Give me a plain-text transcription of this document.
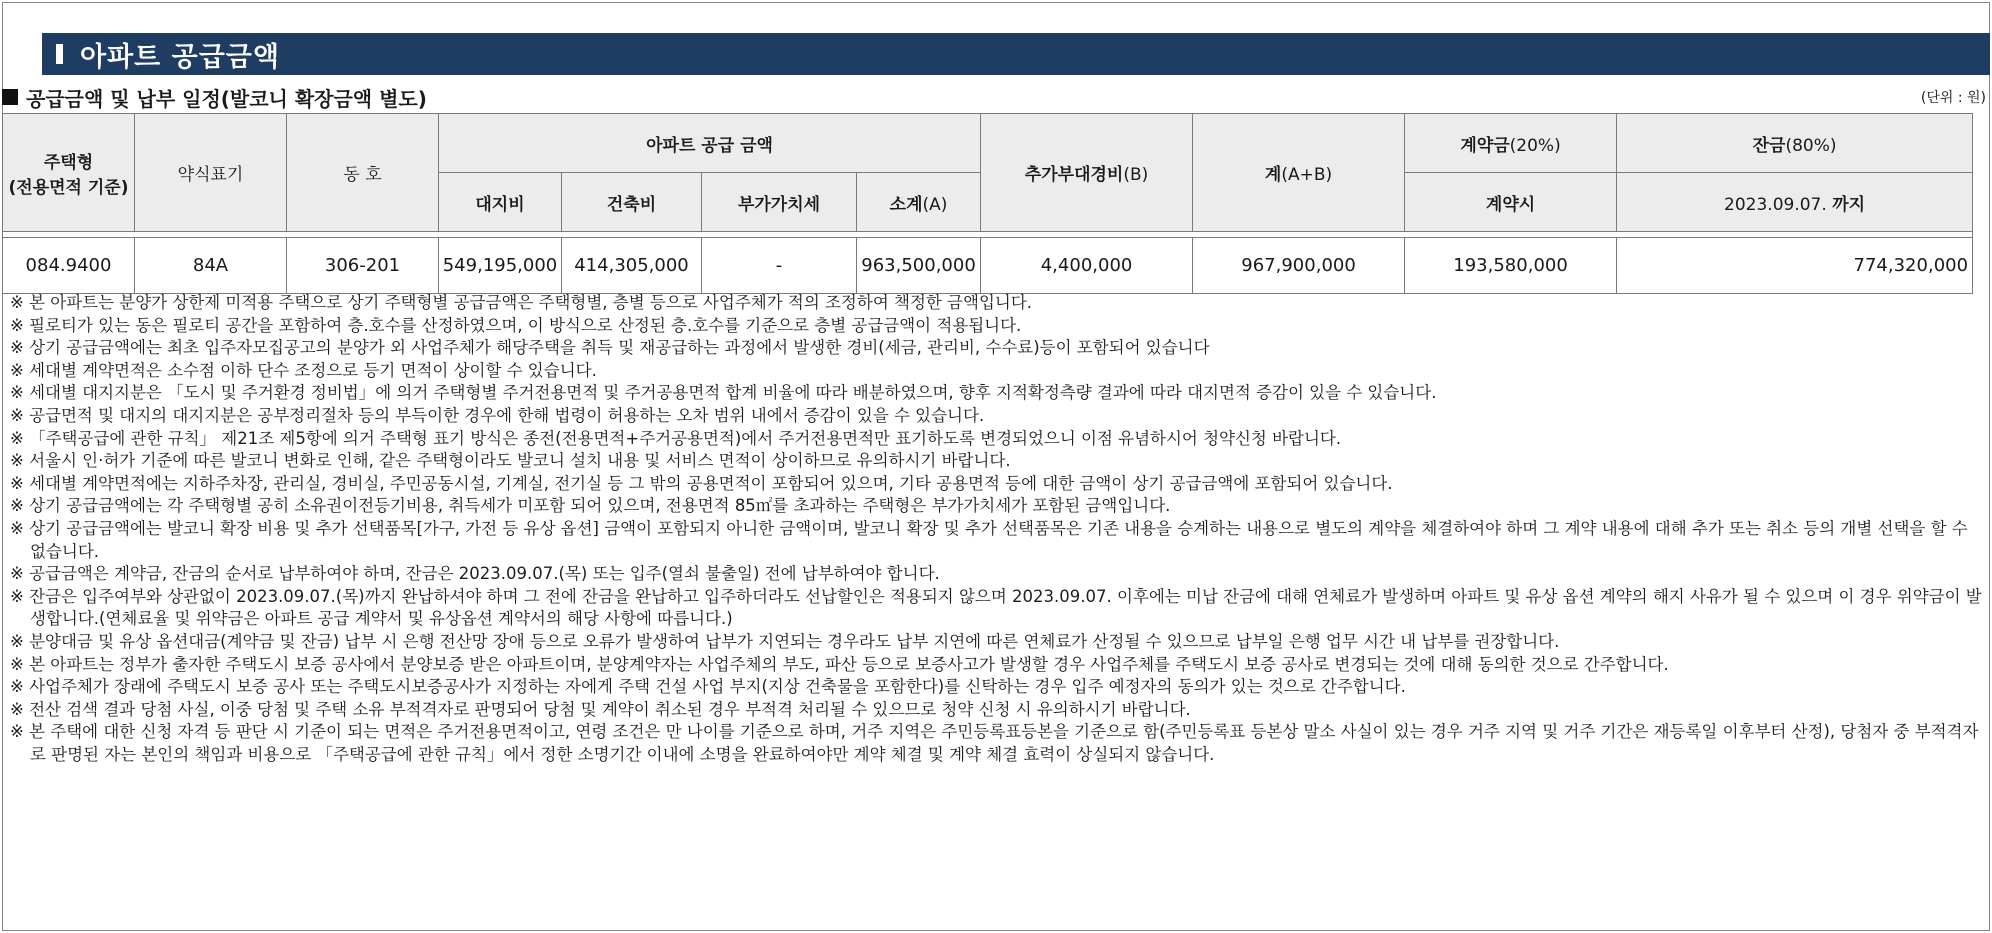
아파트 공급금액
공급금액 및 납부 일정(발코니 확장금액 별도)	(단위 : 원)
주택형
(전용면적 기준)	약식표기	동 호	아파트 공급 금액				추가부대경비(B)	계(A+B)	계약금(20%)	잔금(80%)
			대지비	건축비	부가가치세	소계(A)			계약시	2023.09.07. 까지

084.9400	84A	306-201	549,195,000	414,305,000	-	963,500,000	4,400,000	967,900,000	193,580,000	774,320,000
※ 본 아파트는 분양가 상한제 미적용 주택으로 상기 주택형별 공급금액은 주택형별, 층별 등으로 사업주체가 적의 조정하여 책정한 금액입니다.
※ 필로티가 있는 동은 필로티 공간을 포함하여 층.호수를 산정하였으며, 이 방식으로 산정된 층.호수를 기준으로 층별 공급금액이 적용됩니다.
※ 상기 공급금액에는 최초 입주자모집공고의 분양가 외 사업주체가 해당주택을 취득 및 재공급하는 과정에서 발생한 경비(세금, 관리비, 수수료)등이 포함되어 있습니다
※ 세대별 계약면적은 소수점 이하 단수 조정으로 등기 면적이 상이할 수 있습니다.
※ 세대별 대지지분은 「도시 및 주거환경 정비법」에 의거 주택형별 주거전용면적 및 주거공용면적 합계 비율에 따라 배분하였으며, 향후 지적확정측량 결과에 따라 대지면적 증감이 있을 수 있습니다.
※ 공급면적 및 대지의 대지지분은 공부정리절차 등의 부득이한 경우에 한해 법령이 허용하는 오차 범위 내에서 증감이 있을 수 있습니다.
※ 「주택공급에 관한 규칙」 제21조 제5항에 의거 주택형 표기 방식은 종전(전용면적+주거공용면적)에서 주거전용면적만 표기하도록 변경되었으니 이점 유념하시어 청약신청 바랍니다.
※ 서울시 인·허가 기준에 따른 발코니 변화로 인해, 같은 주택형이라도 발코니 설치 내용 및 서비스 면적이 상이하므로 유의하시기 바랍니다.
※ 세대별 계약면적에는 지하주차장, 관리실, 경비실, 주민공동시설, 기계실, 전기실 등 그 밖의 공용면적이 포함되어 있으며, 기타 공용면적 등에 대한 금액이 상기 공급금액에 포함되어 있습니다.
※ 상기 공급금액에는 각 주택형별 공히 소유권이전등기비용, 취득세가 미포함 되어 있으며, 전용면적 85㎡를 초과하는 주택형은 부가가치세가 포함된 금액입니다.
※ 상기 공급금액에는 발코니 확장 비용 및 추가 선택품목[가구, 가전 등 유상 옵션] 금액이 포함되지 아니한 금액이며, 발코니 확장 및 추가 선택품목은 기존 내용을 승계하는 내용으로 별도의 계약을 체결하여야 하며 그 계약 내용에 대해 추가 또는 취소 등의 개별 선택을 할 수 없습니다.
※ 공급금액은 계약금, 잔금의 순서로 납부하여야 하며, 잔금은 2023.09.07.(목) 또는 입주(열쇠 불출일) 전에 납부하여야 합니다.
※ 잔금은 입주여부와 상관없이 2023.09.07.(목)까지 완납하셔야 하며 그 전에 잔금을 완납하고 입주하더라도 선납할인은 적용되지 않으며 2023.09.07. 이후에는 미납 잔금에 대해 연체료가 발생하며 아파트 및 유상 옵션 계약의 해지 사유가 될 수 있으며 이 경우 위약금이 발생합니다.(연체료율 및 위약금은 아파트 공급 계약서 및 유상옵션 계약서의 해당 사항에 따릅니다.)
※ 분양대금 및 유상 옵션대금(계약금 및 잔금) 납부 시 은행 전산망 장애 등으로 오류가 발생하여 납부가 지연되는 경우라도 납부 지연에 따른 연체료가 산정될 수 있으므로 납부일 은행 업무 시간 내 납부를 권장합니다.
※ 본 아파트는 정부가 출자한 주택도시 보증 공사에서 분양보증 받은 아파트이며, 분양계약자는 사업주체의 부도, 파산 등으로 보증사고가 발생할 경우 사업주체를 주택도시 보증 공사로 변경되는 것에 대해 동의한 것으로 간주합니다.
※ 사업주체가 장래에 주택도시 보증 공사 또는 주택도시보증공사가 지정하는 자에게 주택 건설 사업 부지(지상 건축물을 포함한다)를 신탁하는 경우 입주 예정자의 동의가 있는 것으로 간주합니다.
※ 전산 검색 결과 당첨 사실, 이중 당첨 및 주택 소유 부적격자로 판명되어 당첨 및 계약이 취소된 경우 부적격 처리될 수 있으므로 청약 신청 시 유의하시기 바랍니다.
※ 본 주택에 대한 신청 자격 등 판단 시 기준이 되는 면적은 주거전용면적이고, 연령 조건은 만 나이를 기준으로 하며, 거주 지역은 주민등록표등본을 기준으로 함(주민등록표 등본상 말소 사실이 있는 경우 거주 지역 및 거주 기간은 재등록일 이후부터 산정), 당첨자 중 부적격자로 판명된 자는 본인의 책임과 비용으로 「주택공급에 관한 규칙」에서 정한 소명기간 이내에 소명을 완료하여야만 계약 체결 및 계약 체결 효력이 상실되지 않습니다.
